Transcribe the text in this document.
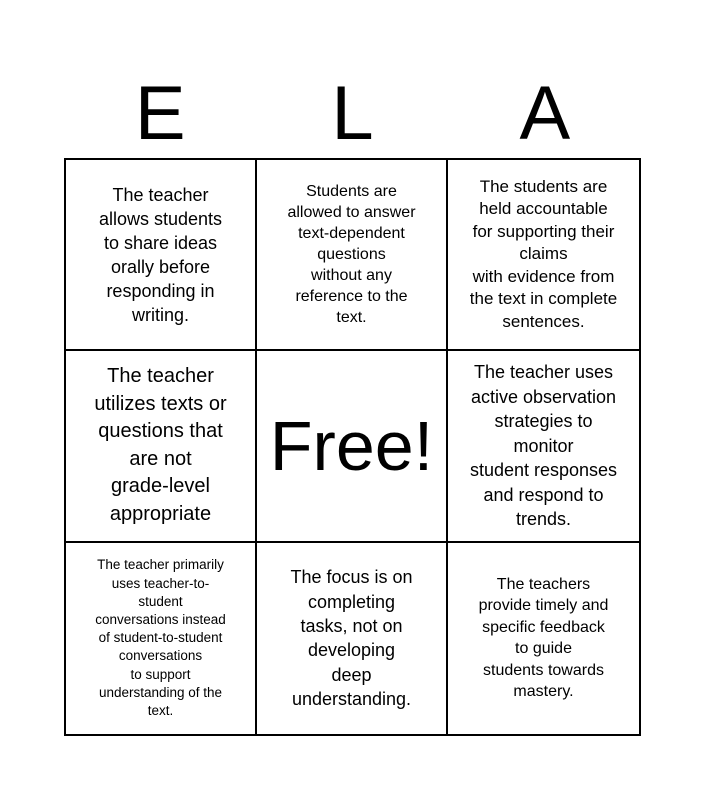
E	L	A
The teacher
allows students
to share ideas
orally before
responding in
writing.
Students are
allowed to answer
text-dependent
questions
without any
reference to the
text.
The students are
held accountable
for supporting their
claims
with evidence from
the text in complete
sentences.
The teacher
utilizes texts or
questions that
are not
grade-level
appropriate
Free!
The teacher uses
active observation
strategies to
monitor
student responses
and respond to
trends.
The teacher primarily
uses teacher-to-
student
conversations instead
of student-to-student
conversations
to support
understanding of the
text.
The focus is on
completing
tasks, not on
developing
deep
understanding.
The teachers
provide timely and
specific feedback
to guide
students towards
mastery.
